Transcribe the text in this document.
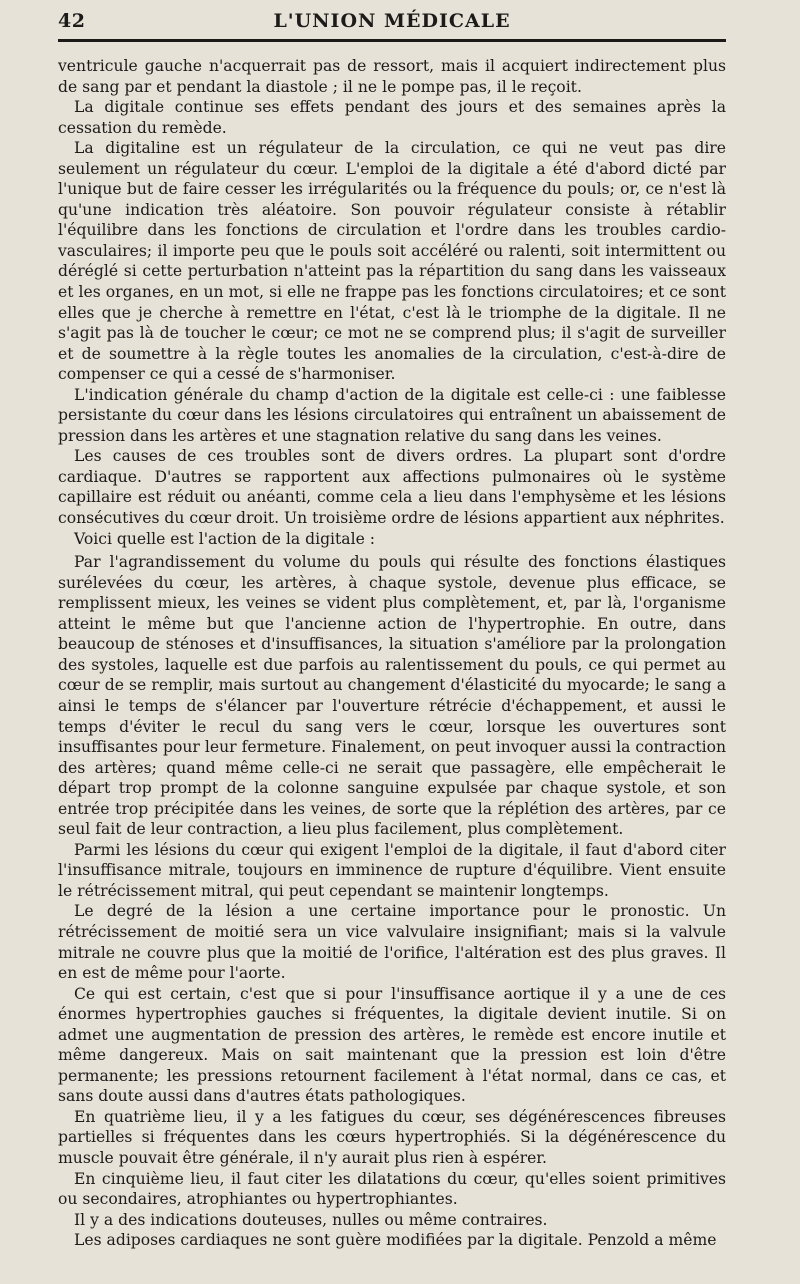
42	L'UNION MÉDICALE

ventricule gauche n'acquerrait pas de ressort, mais il acquiert indirectement plus de sang par et pendant la diastole ; il ne le pompe pas, il le reçoit.

La digitale continue ses effets pendant des jours et des semaines après la cessation du remède.

La digitaline est un régulateur de la circulation, ce qui ne veut pas dire seulement un régulateur du cœur. L'emploi de la digitale a été d'abord dicté par l'unique but de faire cesser les irrégularités ou la fréquence du pouls; or, ce n'est là qu'une indication très aléatoire. Son pouvoir régulateur consiste à rétablir l'équilibre dans les fonctions de circulation et l'ordre dans les troubles cardio-vasculaires; il importe peu que le pouls soit accéléré ou ralenti, soit intermittent ou déréglé si cette perturbation n'atteint pas la répartition du sang dans les vaisseaux et les organes, en un mot, si elle ne frappe pas les fonctions circulatoires; et ce sont elles que je cherche à remettre en l'état, c'est là le triomphe de la digitale. Il ne s'agit pas là de toucher le cœur; ce mot ne se comprend plus; il s'agit de surveiller et de soumettre à la règle toutes les anomalies de la circulation, c'est-à-dire de compenser ce qui a cessé de s'harmoniser.

L'indication générale du champ d'action de la digitale est celle-ci : une faiblesse persistante du cœur dans les lésions circulatoires qui entraînent un abaissement de pression dans les artères et une stagnation relative du sang dans les veines.

Les causes de ces troubles sont de divers ordres. La plupart sont d'ordre cardiaque. D'autres se rapportent aux affections pulmonaires où le système capillaire est réduit ou anéanti, comme cela a lieu dans l'emphysème et les lésions consécutives du cœur droit. Un troisième ordre de lésions appartient aux néphrites.

Voici quelle est l'action de la digitale :

Par l'agrandissement du volume du pouls qui résulte des fonctions élastiques surélevées du cœur, les artères, à chaque systole, devenue plus efficace, se remplissent mieux, les veines se vident plus complètement, et, par là, l'organisme atteint le même but que l'ancienne action de l'hypertrophie. En outre, dans beaucoup de sténoses et d'insuffisances, la situation s'améliore par la prolongation des systoles, laquelle est due parfois au ralentissement du pouls, ce qui permet au cœur de se remplir, mais surtout au changement d'élasticité du myocarde; le sang a ainsi le temps de s'élancer par l'ouverture rétrécie d'échappement, et aussi le temps d'éviter le recul du sang vers le cœur, lorsque les ouvertures sont insuffisantes pour leur fermeture. Finalement, on peut invoquer aussi la contraction des artères; quand même celle-ci ne serait que passagère, elle empêcherait le départ trop prompt de la colonne sanguine expulsée par chaque systole, et son entrée trop précipitée dans les veines, de sorte que la réplétion des artères, par ce seul fait de leur contraction, a lieu plus facilement, plus complètement.

Parmi les lésions du cœur qui exigent l'emploi de la digitale, il faut d'abord citer l'insuffisance mitrale, toujours en imminence de rupture d'équilibre. Vient ensuite le rétrécissement mitral, qui peut cependant se maintenir longtemps.

Le degré de la lésion a une certaine importance pour le pronostic. Un rétrécissement de moitié sera un vice valvulaire insignifiant; mais si la valvule mitrale ne couvre plus que la moitié de l'orifice, l'altération est des plus graves. Il en est de même pour l'aorte.

Ce qui est certain, c'est que si pour l'insuffisance aortique il y a une de ces énormes hypertrophies gauches si fréquentes, la digitale devient inutile. Si on admet une augmentation de pression des artères, le remède est encore inutile et même dangereux. Mais on sait maintenant que la pression est loin d'être permanente; les pressions retournent facilement à l'état normal, dans ce cas, et sans doute aussi dans d'autres états pathologiques.

En quatrième lieu, il y a les fatigues du cœur, ses dégénérescences fibreuses partielles si fréquentes dans les cœurs hypertrophiés. Si la dégénérescence du muscle pouvait être générale, il n'y aurait plus rien à espérer.

En cinquième lieu, il faut citer les dilatations du cœur, qu'elles soient primitives ou secondaires, atrophiantes ou hypertrophiantes.

Il y a des indications douteuses, nulles ou même contraires.

Les adiposes cardiaques ne sont guère modifiées par la digitale. Penzold a même
